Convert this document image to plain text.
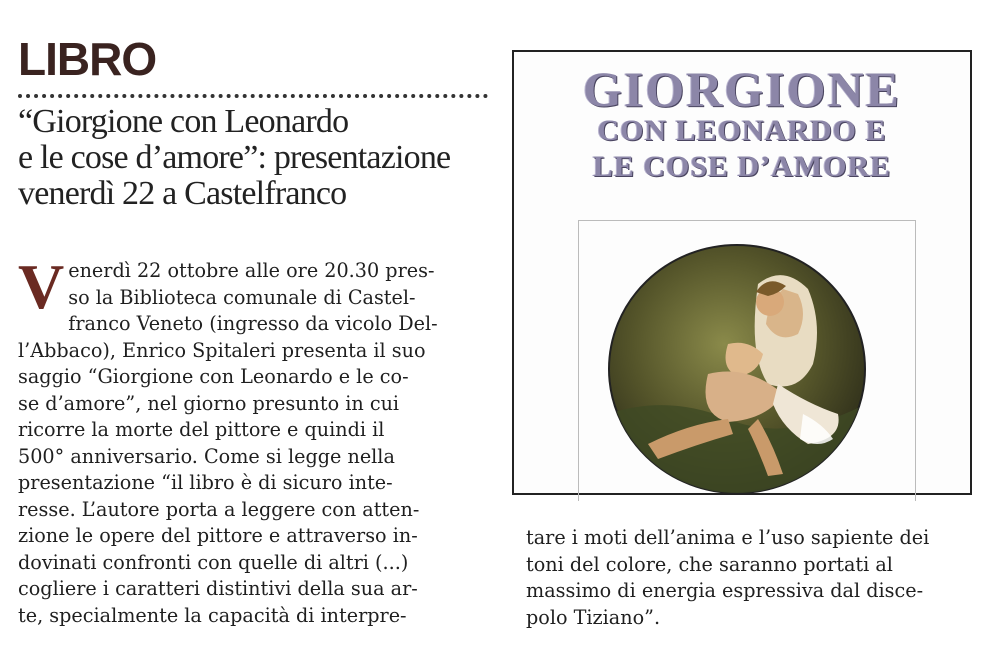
LIBRO
“Giorgione con Leonardo
e le cose d’amore”: presentazione
venerdì 22 a Castelfranco
V enerdì 22 ottobre alle ore 20.30 pres-
so la Biblioteca comunale di Castel-
franco Veneto (ingresso da vicolo Del-
l’Abbaco), Enrico Spitaleri presenta il suo
saggio “Giorgione con Leonardo e le co-
se d’amore”, nel giorno presunto in cui
ricorre la morte del pittore e quindi il
500° anniversario. Come si legge nella
presentazione “il libro è di sicuro inte-
resse. L’autore porta a leggere con atten-
zione le opere del pittore e attraverso in-
dovinati confronti con quelle di altri (...)
cogliere i caratteri distintivi della sua ar-
te, specialmente la capacità di interpre-
GIORGIONE
CON LEONARDO E
LE COSE D’AMORE
tare i moti dell’anima e l’uso sapiente dei
toni del colore, che saranno portati al
massimo di energia espressiva dal disce-
polo Tiziano”.
